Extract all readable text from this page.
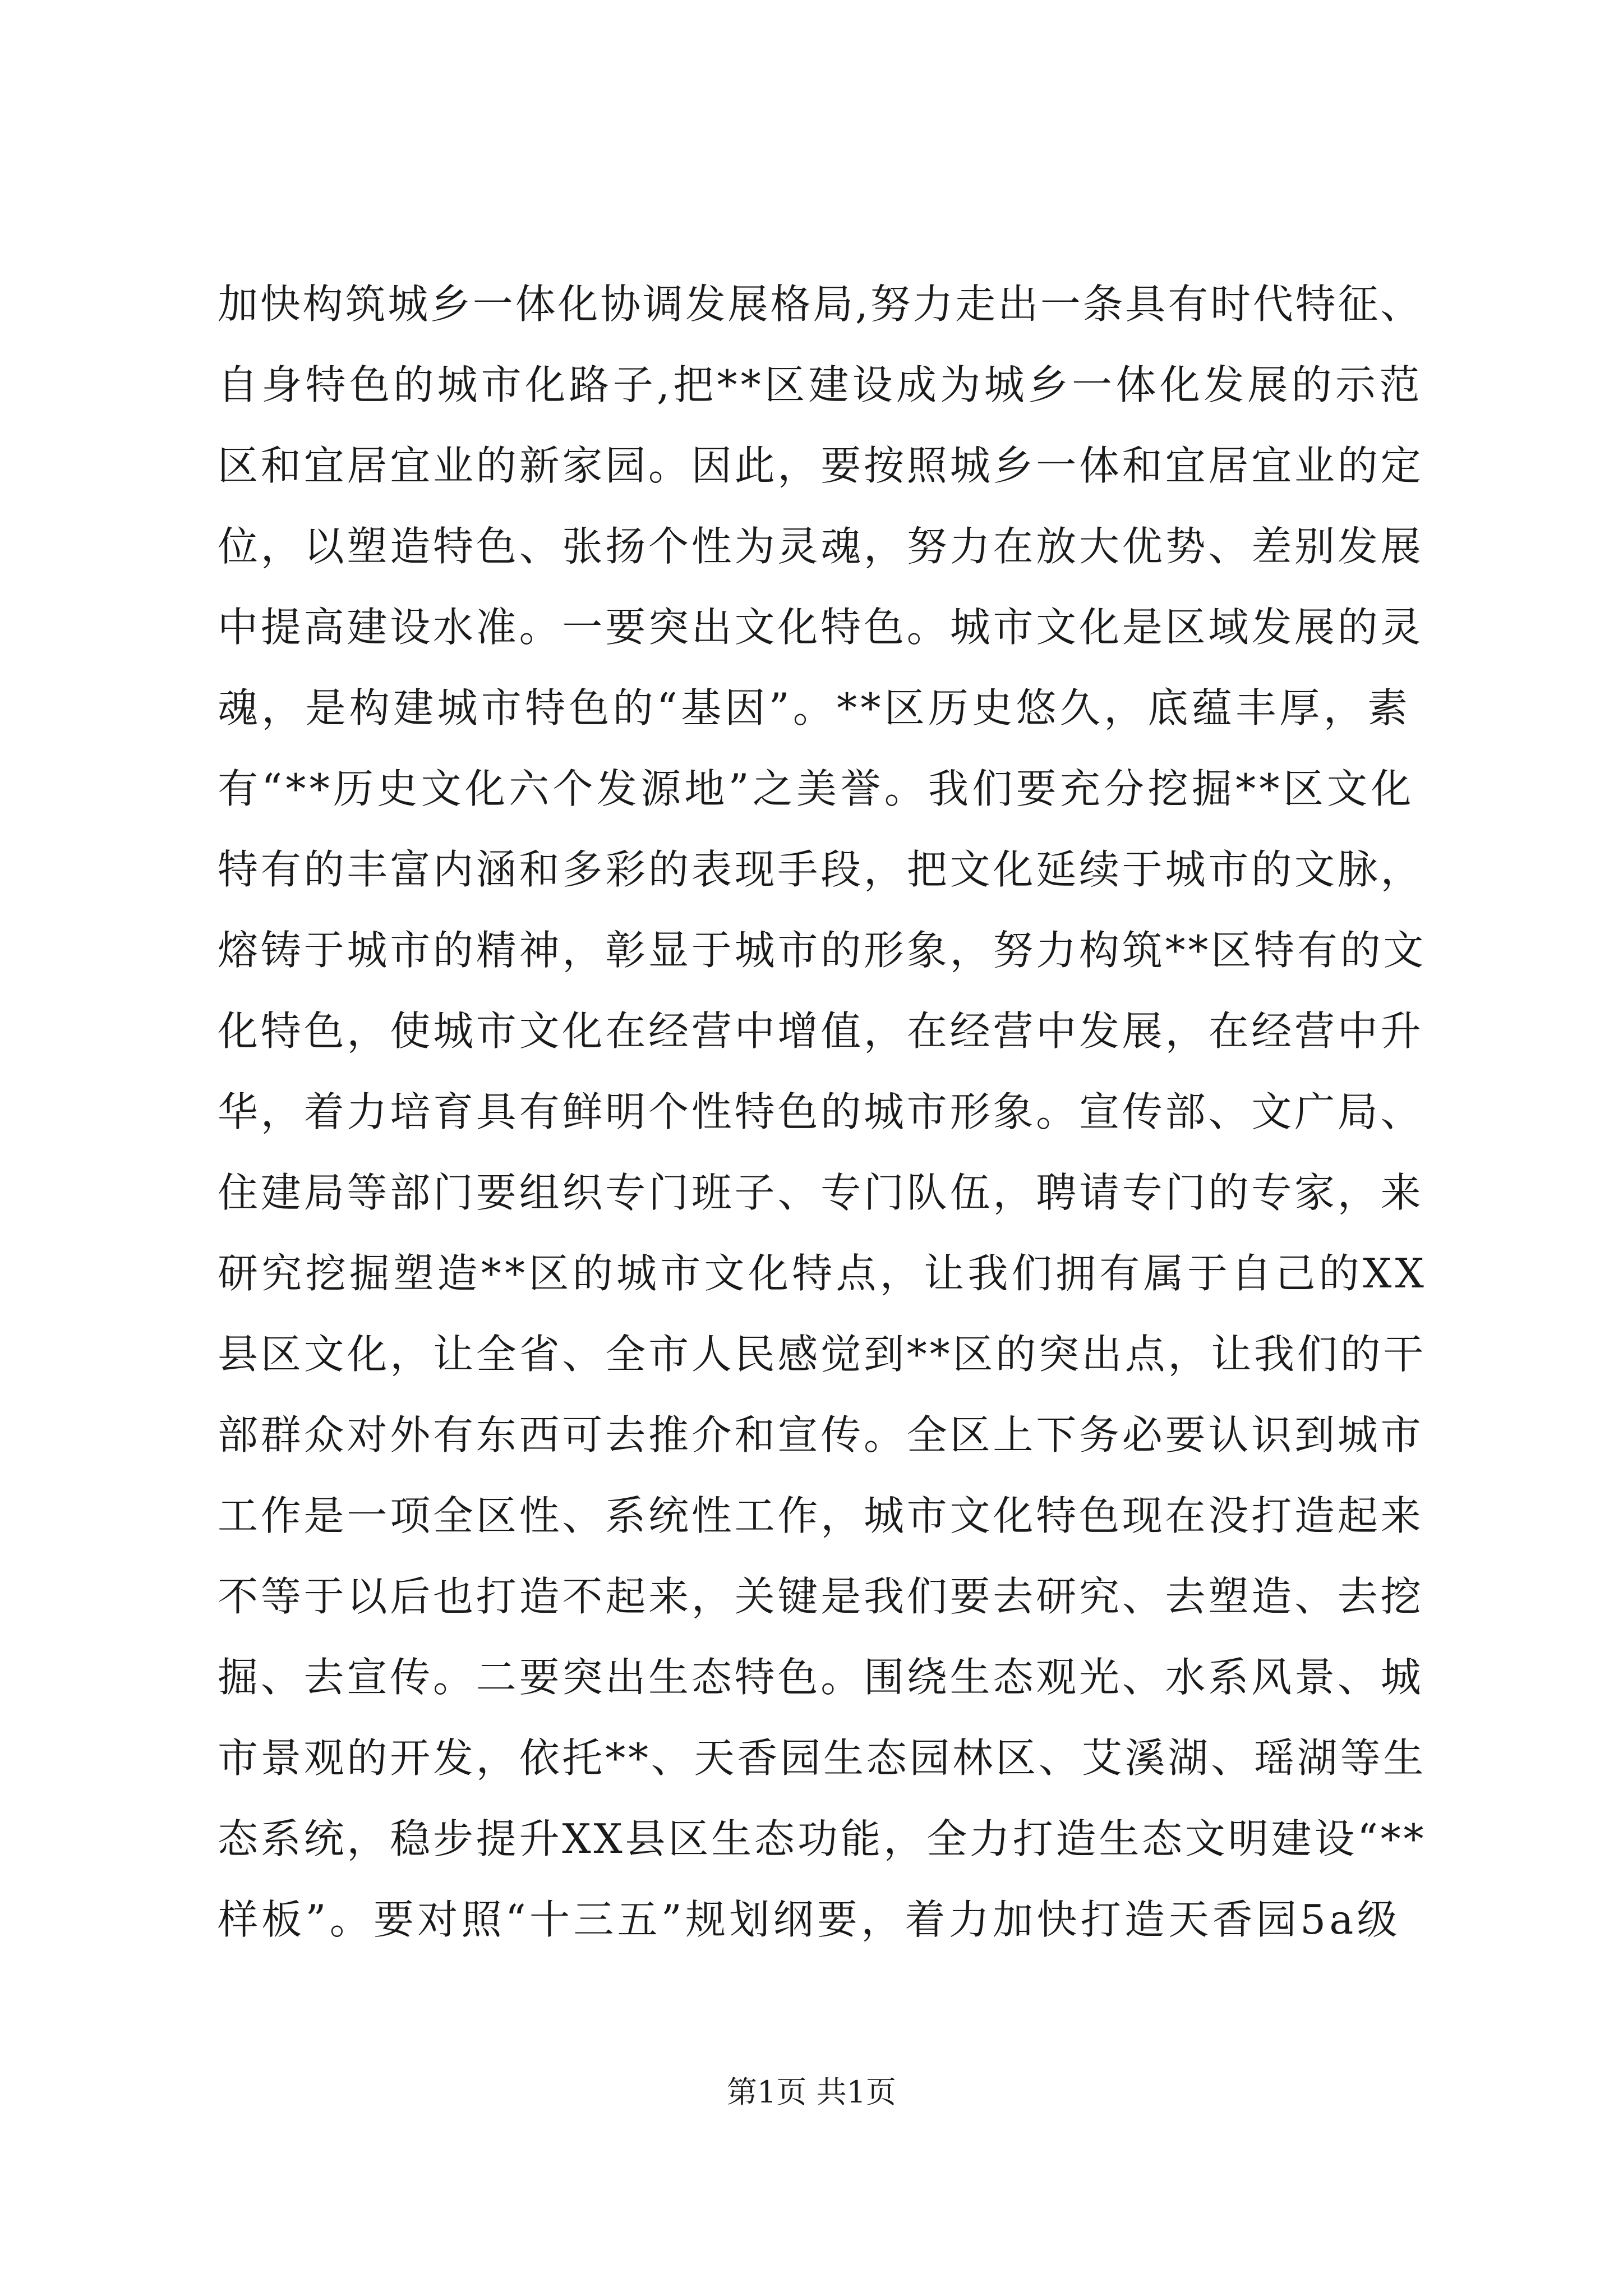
加快构筑城乡一体化协调发展格局,努力走出一条具有时代特征、
自身特色的城市化路子,把**区建设成为城乡一体化发展的示范
区和宜居宜业的新家园。因此，要按照城乡一体和宜居宜业的定
位，以塑造特色、张扬个性为灵魂，努力在放大优势、差别发展
中提高建设水准。一要突出文化特色。城市文化是区域发展的灵
魂，是构建城市特色的“基因”。**区历史悠久，底蕴丰厚，素
有“**历史文化六个发源地”之美誉。我们要充分挖掘**区文化
特有的丰富内涵和多彩的表现手段，把文化延续于城市的文脉，
熔铸于城市的精神，彰显于城市的形象，努力构筑**区特有的文
化特色，使城市文化在经营中增值，在经营中发展，在经营中升
华，着力培育具有鲜明个性特色的城市形象。宣传部、文广局、
住建局等部门要组织专门班子、专门队伍，聘请专门的专家，来
研究挖掘塑造**区的城市文化特点，让我们拥有属于自己的XX
县区文化，让全省、全市人民感觉到**区的突出点，让我们的干
部群众对外有东西可去推介和宣传。全区上下务必要认识到城市
工作是一项全区性、系统性工作，城市文化特色现在没打造起来
不等于以后也打造不起来，关键是我们要去研究、去塑造、去挖
掘、去宣传。二要突出生态特色。围绕生态观光、水系风景、城
市景观的开发，依托**、天香园生态园林区、艾溪湖、瑶湖等生
态系统，稳步提升XX县区生态功能，全力打造生态文明建设“**
样板”。要对照“十三五”规划纲要，着力加快打造天香园5a级
第1页 共1页
